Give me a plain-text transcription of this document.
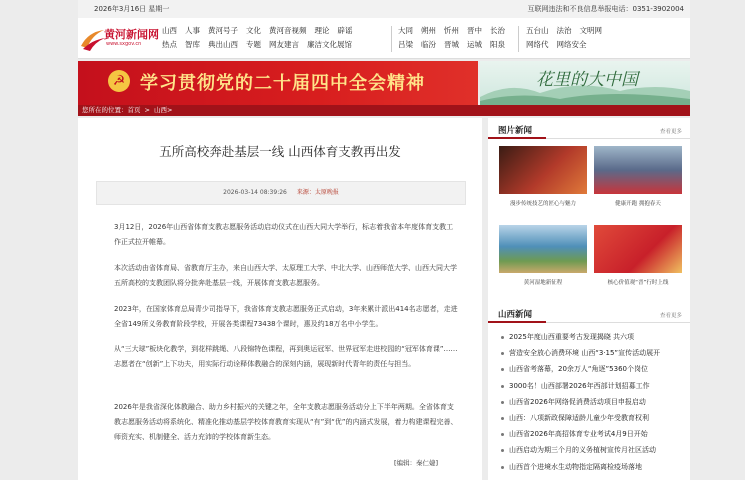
2026年3月16日 星期一	互联网违法和不良信息举报电话：0351-3902004
黄河新闻网
www.sxgov.cn
山西 人事 黄河号子 文化 黄河音视频 理论 辟谣
热点 智库 典出山西 专题 网友建言 廉洁文化展馆
大同 朔州 忻州 晋中 长治
吕梁 临汾 晋城 运城 阳泉
五台山 法治 文明网
网络代 网络安全
☭ 学习贯彻党的二十届四中全会精神	花里的大中国
您所在的位置：首页 > 山西>
五所高校奔赴基层一线 山西体育支教再出发
2026-03-14 08:39:26 来源：太原晚报

3月12日，2026年山西省体育支教志愿服务活动启动仪式在山西大同大学举行，标志着我省本年度体育支教工作正式拉开帷幕。

本次活动由省体育局、省教育厅主办，来自山西大学、太原理工大学、中北大学、山西师范大学、山西大同大学五所高校的支教团队将分批奔赴基层一线，开展体育支教志愿服务。

2023年，在国家体育总局青少司指导下，我省体育支教志愿服务正式启动，3年来累计派出414名志愿者，走进全省149所义务教育阶段学校，开展各类课程73438个课时，惠及约18万名中小学生。

从“三大球”板块化教学，到花样跳绳、八段锦特色课程，再到奥运冠军、世界冠军走进校园的“冠军体育课”……志愿者在“创新”上下功夫，用实际行动诠释体教融合的深刻内涵，展现新时代青年的责任与担当。

2026年是我省深化体教融合、助力乡村振兴的关键之年，全年支教志愿服务活动分上下半年两期。全省体育支教志愿服务活动将系统化、精准化推动基层学校体育教育实现从“有”到“优”的内涵式发展，着力构建课程完善、师资充实、机制健全、活力充沛的学校体育新生态。

[编辑：秦仁婕]
图片新闻	查看更多
漫步传统技艺的匠心与魅力	健康开跑 拥抱春天
黄河湿地新征程	核心价值观“晋”行时上线
山西新闻	查看更多
2025年度山西重要考古发现揭晓 共六项
营造安全放心消费环境 山西“3·15”宣传活动展开
山西省考落幕，20余万人“角逐”5360个岗位
3000名！山西部署2026年西部计划招募工作
山西省2026年网络促消费活动项目申报启动
山西：八项新政保障适龄儿童少年受教育权利
山西省2026年高招体育专业考试4月9日开始
山西启动为期三个月的义务植树宣传月社区活动
山西首个进境水生动物指定隔离检疫场落地
